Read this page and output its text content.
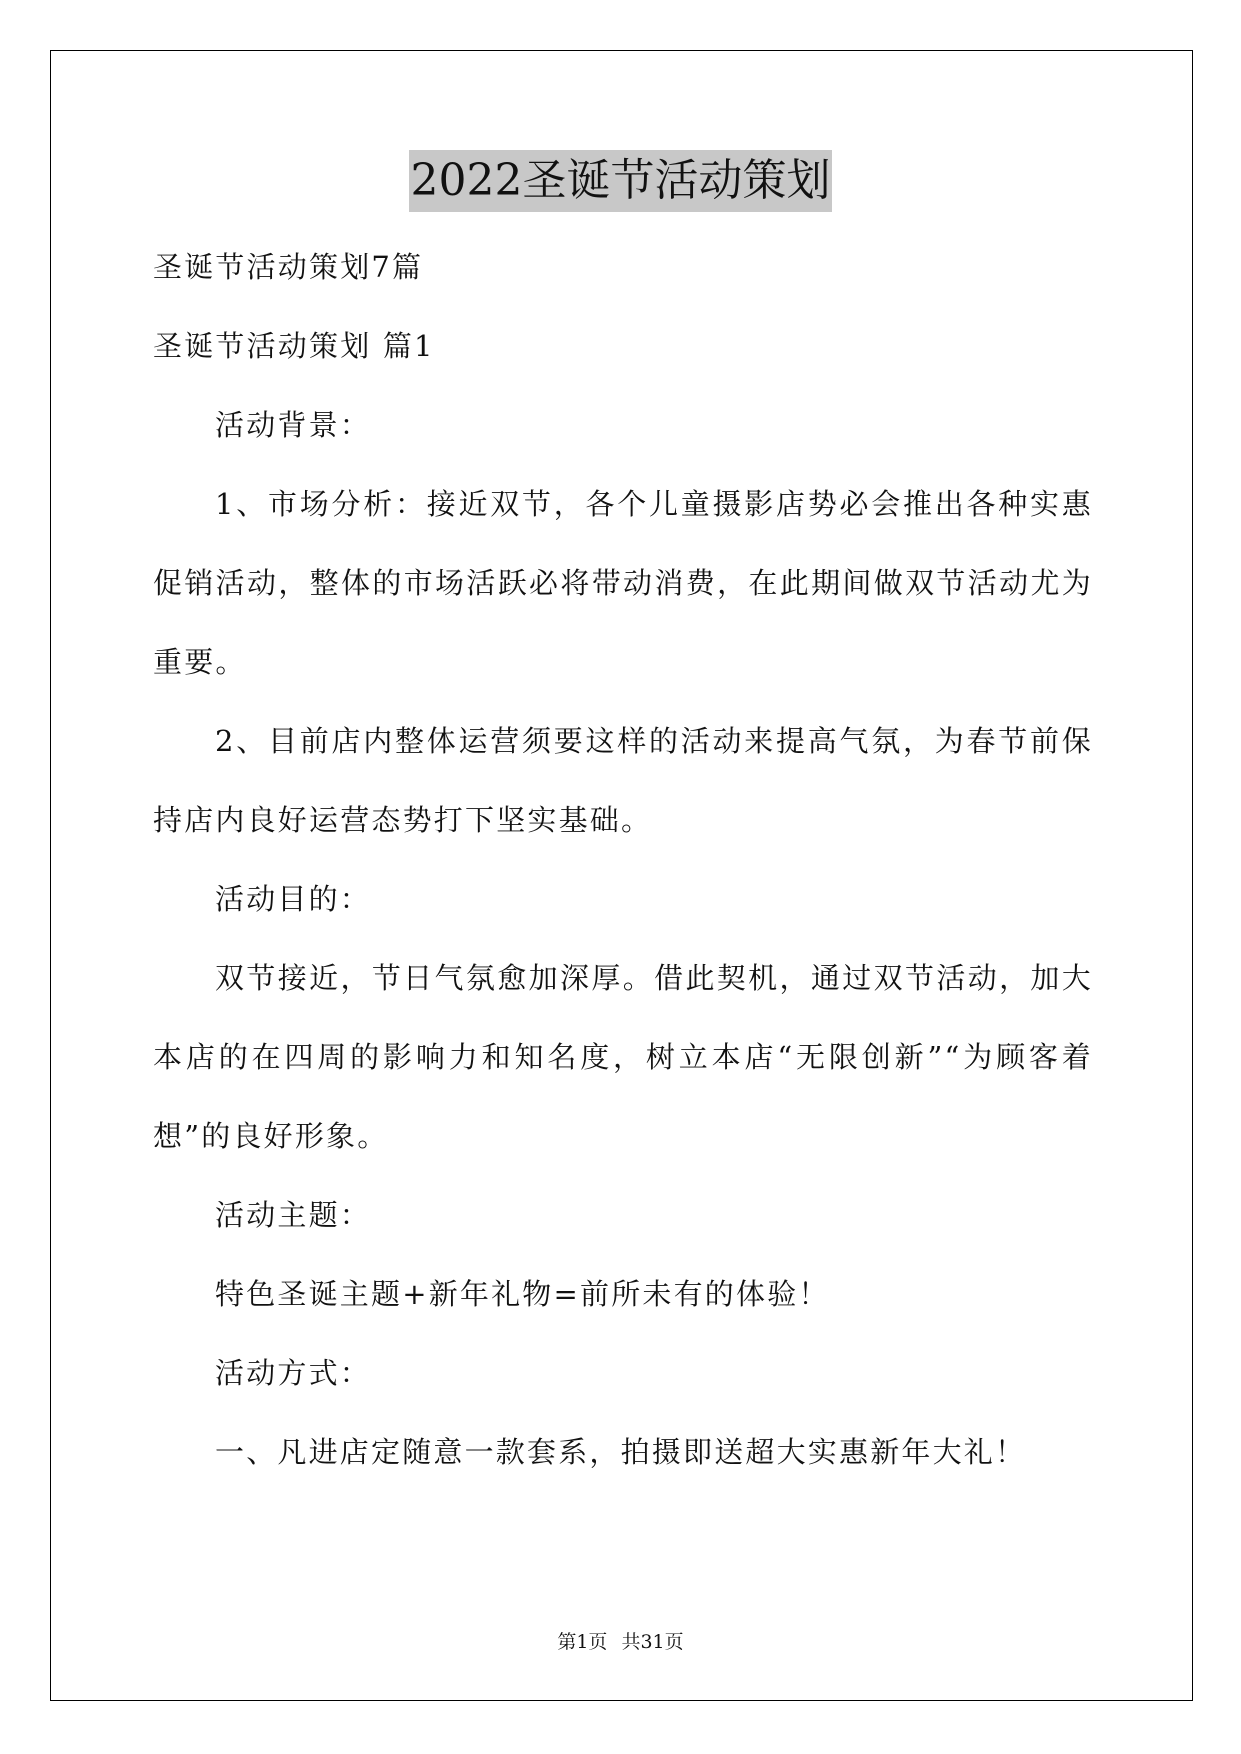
2022圣诞节活动策划

圣诞节活动策划7篇

圣诞节活动策划 篇1

活动背景：

1、市场分析：接近双节，各个儿童摄影店势必会推出各种实惠促销活动，整体的市场活跃必将带动消费，在此期间做双节活动尤为重要。

2、目前店内整体运营须要这样的活动来提高气氛，为春节前保持店内良好运营态势打下坚实基础。

活动目的：

双节接近，节日气氛愈加深厚。借此契机，通过双节活动，加大本店的在四周的影响力和知名度，树立本店“无限创新”“为顾客着想”的良好形象。

活动主题：

特色圣诞主题+新年礼物=前所未有的体验！

活动方式：

一、凡进店定随意一款套系，拍摄即送超大实惠新年大礼！

第1页 共31页
